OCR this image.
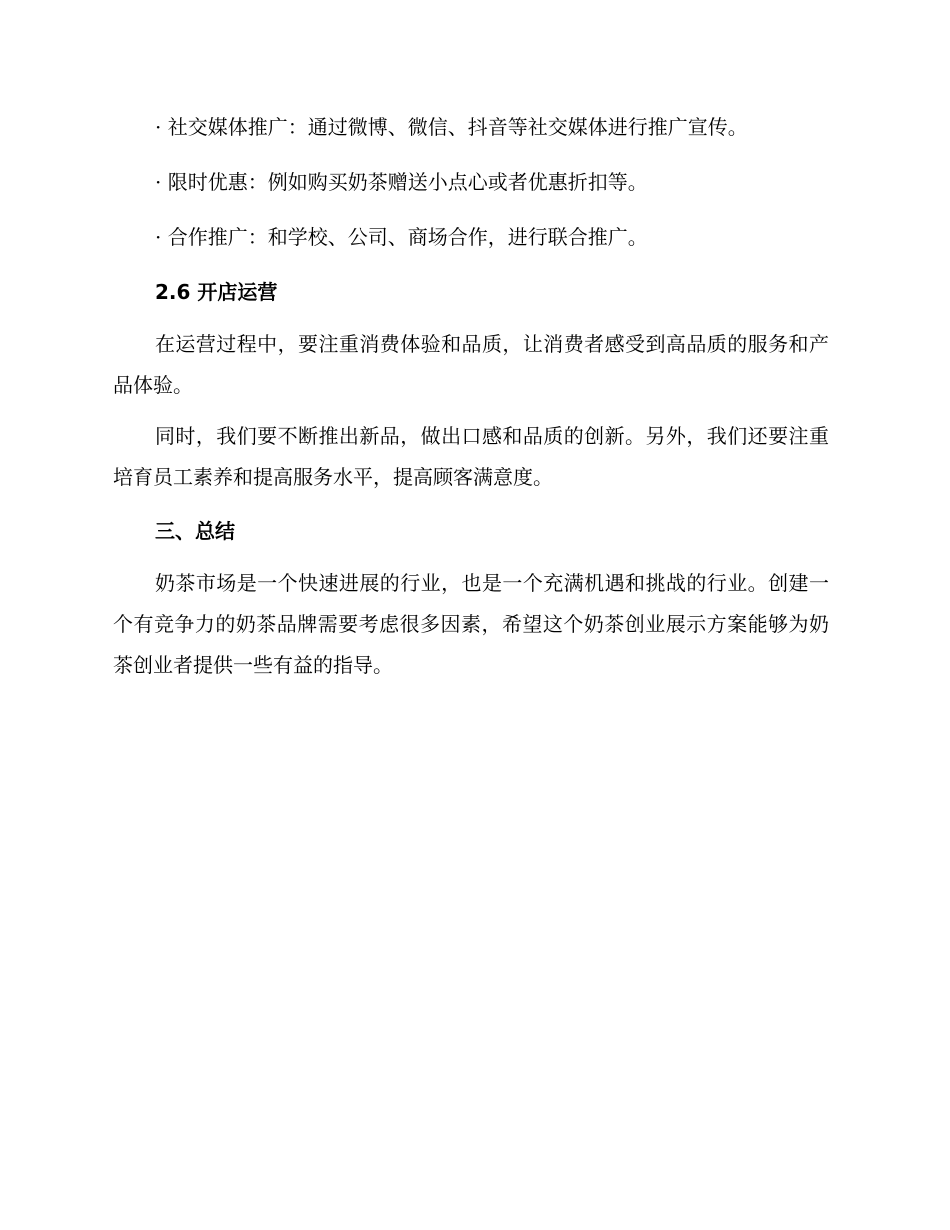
· 社交媒体推广：通过微博、微信、抖音等社交媒体进行推广宣传。
· 限时优惠：例如购买奶茶赠送小点心或者优惠折扣等。
· 合作推广：和学校、公司、商场合作，进行联合推广。
2.6 开店运营

在运营过程中，要注重消费体验和品质，让消费者感受到高品质的服务和产品体验。

同时，我们要不断推出新品，做出口感和品质的创新。另外，我们还要注重培育员工素养和提高服务水平，提高顾客满意度。

三、总结

奶茶市场是一个快速进展的行业，也是一个充满机遇和挑战的行业。创建一个有竞争力的奶茶品牌需要考虑很多因素，希望这个奶茶创业展示方案能够为奶茶创业者提供一些有益的指导。
